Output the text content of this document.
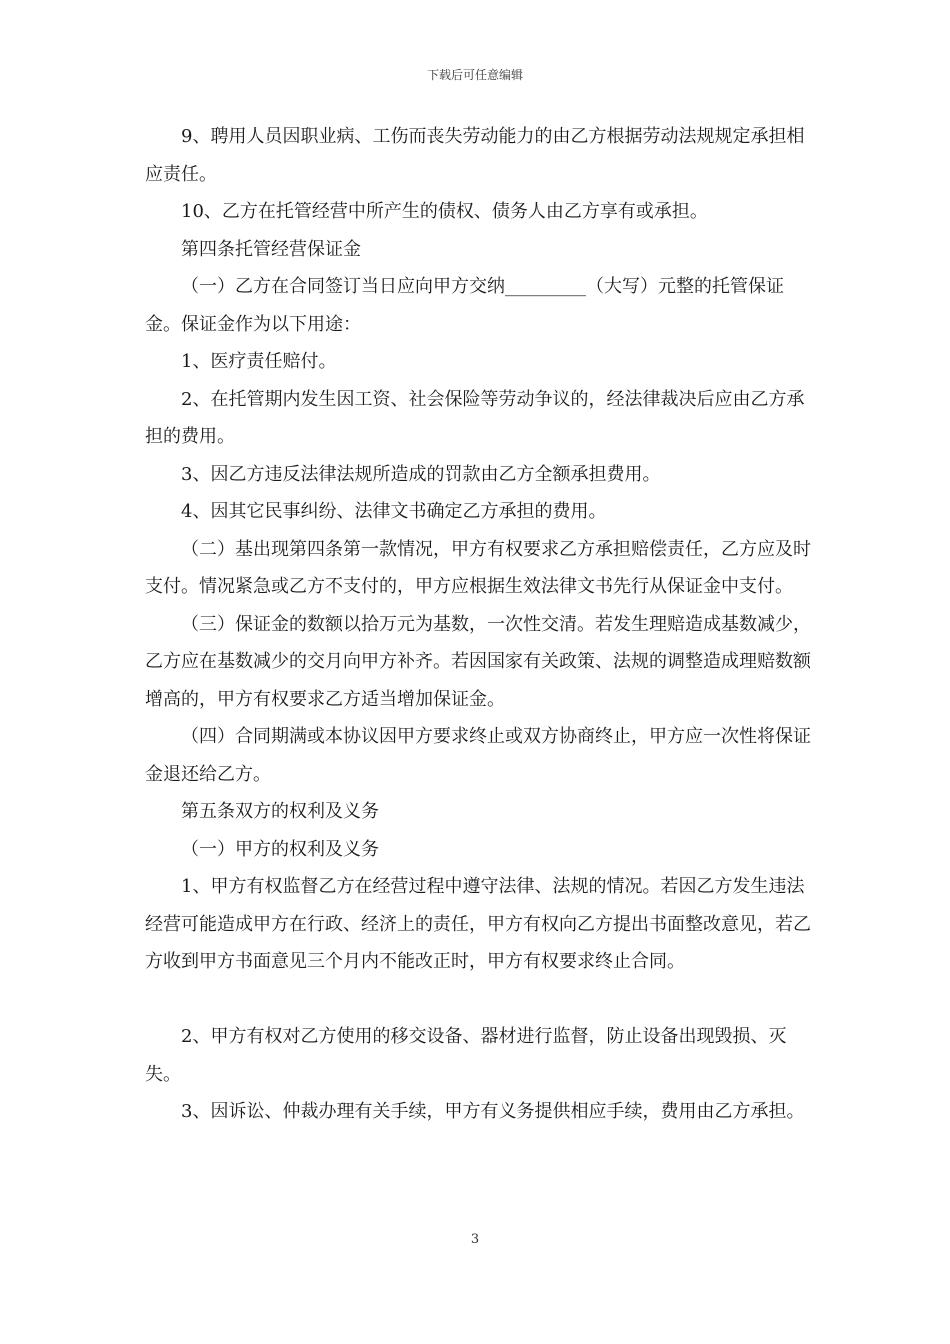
下载后可任意编辑

9、聘用人员因职业病、工伤而丧失劳动能力的由乙方根据劳动法规规定承担相应责任。

10、乙方在托管经营中所产生的债权、债务人由乙方享有或承担。

第四条托管经营保证金

（一）乙方在合同签订当日应向甲方交纳_________（大写）元整的托管保证金。保证金作为以下用途：

1、医疗责任赔付。

2、在托管期内发生因工资、社会保险等劳动争议的，经法律裁决后应由乙方承担的费用。

3、因乙方违反法律法规所造成的罚款由乙方全额承担费用。

4、因其它民事纠纷、法律文书确定乙方承担的费用。

（二）基出现第四条第一款情况，甲方有权要求乙方承担赔偿责任，乙方应及时支付。情况紧急或乙方不支付的，甲方应根据生效法律文书先行从保证金中支付。

（三）保证金的数额以拾万元为基数，一次性交清。若发生理赔造成基数减少，乙方应在基数减少的交月向甲方补齐。若因国家有关政策、法规的调整造成理赔数额增高的，甲方有权要求乙方适当增加保证金。

（四）合同期满或本协议因甲方要求终止或双方协商终止，甲方应一次性将保证金退还给乙方。

第五条双方的权利及义务

（一）甲方的权利及义务

1、甲方有权监督乙方在经营过程中遵守法律、法规的情况。若因乙方发生违法经营可能造成甲方在行政、经济上的责任，甲方有权向乙方提出书面整改意见，若乙方收到甲方书面意见三个月内不能改正时，甲方有权要求终止合同。

2、甲方有权对乙方使用的移交设备、器材进行监督，防止设备出现毁损、灭失。

3、因诉讼、仲裁办理有关手续，甲方有义务提供相应手续，费用由乙方承担。

3
